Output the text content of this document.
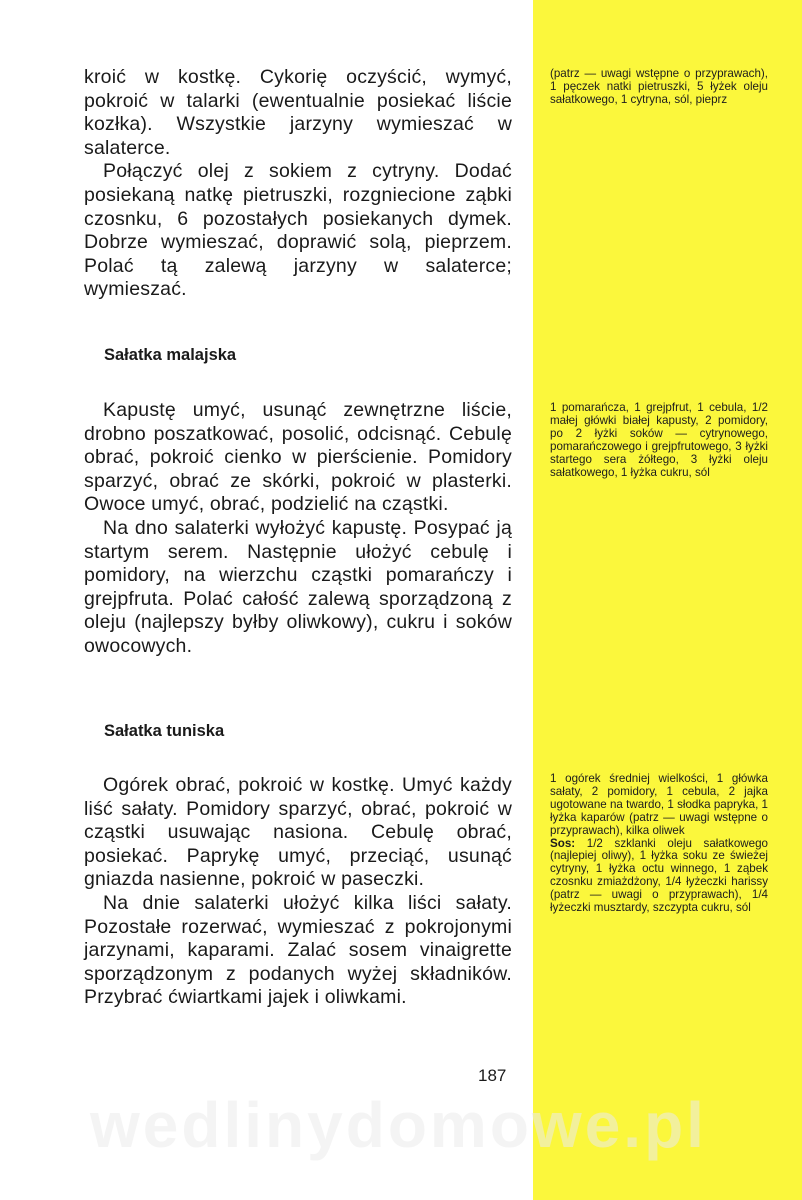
kroić w kostkę. Cykorię oczyścić, wymyć, pokroić w talarki (ewentualnie posiekać liście kozłka). Wszystkie jarzyny wymieszać w salaterce.

Połączyć olej z sokiem z cytryny. Dodać posiekaną natkę pietruszki, rozgniecione ząbki czosnku, 6 pozostałych posiekanych dymek. Dobrze wymieszać, doprawić solą, pieprzem. Polać tą zalewą jarzyny w salaterce; wymieszać.

(patrz — uwagi wstępne o przyprawach), 1 pęczek natki pietruszki, 5 łyżek oleju sałatkowego, 1 cytryna, sól, pieprz

Sałatka malajska

Kapustę umyć, usunąć zewnętrzne liście, drobno poszatkować, posolić, odcisnąć. Cebulę obrać, pokroić cienko w pierścienie. Pomidory sparzyć, obrać ze skórki, pokroić w plasterki. Owoce umyć, obrać, podzielić na cząstki.

Na dno salaterki wyłożyć kapustę. Posypać ją startym serem. Następnie ułożyć cebulę i pomidory, na wierzchu cząstki pomarańczy i grejpfruta. Polać całość zalewą sporządzoną z oleju (najlepszy byłby oliwkowy), cukru i soków owocowych.

1 pomarańcza, 1 grejpfrut, 1 cebula, 1/2 małej główki białej kapusty, 2 pomidory, po 2 łyżki soków — cytrynowego, pomarańczowego i grejpfrutowego, 3 łyżki startego sera żółtego, 3 łyżki oleju sałatkowego, 1 łyżka cukru, sól

Sałatka tuniska

Ogórek obrać, pokroić w kostkę. Umyć każdy liść sałaty. Pomidory sparzyć, obrać, pokroić w cząstki usuwając nasiona. Cebulę obrać, posiekać. Paprykę umyć, przeciąć, usunąć gniazda nasienne, pokroić w paseczki.

Na dnie salaterki ułożyć kilka liści sałaty. Pozostałe rozerwać, wymieszać z pokrojonymi jarzynami, kaparami. Zalać sosem vinaigrette sporządzonym z podanych wyżej składników. Przybrać ćwiartkami jajek i oliwkami.

1 ogórek średniej wielkości, 1 główka sałaty, 2 pomidory, 1 cebula, 2 jajka ugotowane na twardo, 1 słodka papryka, 1 łyżka kaparów (patrz — uwagi wstępne o przyprawach), kilka oliwek
Sos: 1/2 szklanki oleju sałatkowego (najlepiej oliwy), 1 łyżka soku ze świeżej cytryny, 1 łyżka octu winnego, 1 ząbek czosnku zmiażdżony, 1/4 łyżeczki harissy (patrz — uwagi o przyprawach), 1/4 łyżeczki musztardy, szczypta cukru, sól

187

wedlinydomowe.pl
